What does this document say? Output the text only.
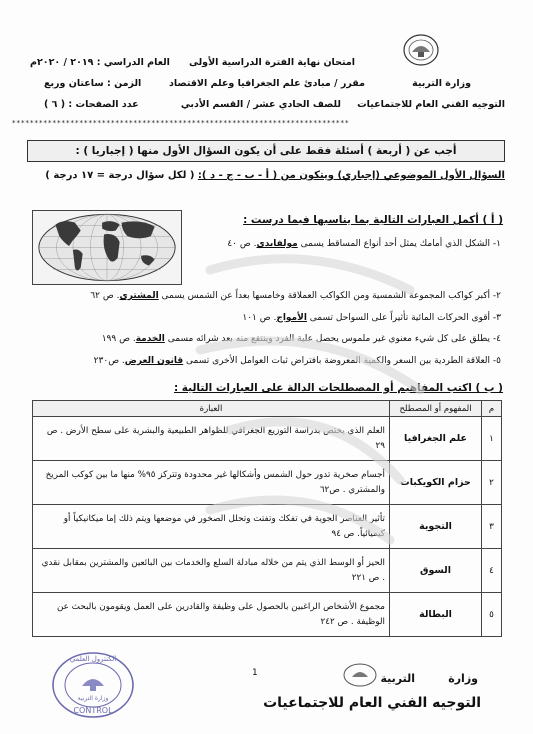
وزارة التربية
التوجيه الفني العام للاجتماعيات
امتحان نهاية الفترة الدراسية الأولى
مقرر / مبادئ علم الجغرافيا وعلم الاقتصاد
للصف الحادي عشر / القسم الأدبي
العام الدراسي : ٢٠١٩ / ٢٠٢٠م
الزمن : ساعتان وربع
عدد الصفحات : ( ٦ )
***************************************************************************
أجب عن ( أربعة ) أسئلة فقط على أن يكون السؤال الأول منها ( إجباريا ) :
السؤال الأول الموضوعي (إجباري) ويتكون من ( أ - ب - ج - د ): ( لكل سؤال درجة = ١٧ درجة )
( أ ) أكمل العبارات التالية بما يناسبها فيما درست :
١- الشكل الذي أمامك يمثل أحد أنواع المساقط يسمى مولفايدي. ص ٤٠
٢- أكبر كواكب المجموعة الشمسية ومن الكواكب العملاقة وخامسها بعداً عن الشمس يسمى المشتري. ص ٦٢
٣- أقوى الحركات المائية تأثيراً على السواحل تسمى الأمواج. ص ١٠١
٤- يطلق على كل شيء معنوي غير ملموس يحصل علية الفرد وينتفع منه بعد شرائه مسمى الخدمة. ص ١٩٩
٥- العلاقة الطردية بين السعر والكمية المعروضة بافتراض ثبات العوامل الأخرى تسمى قانون العرض. ص٢٣٠
( ب ) اكتب المفاهيم أو المصطلحات الدالة على العبارات التالية :
م	المفهوم أو المصطلح	العبارة
١	علم الجغرافيا	العلم الذي يختص بدراسة التوزيع الجغرافي للظواهر الطبيعية والبشرية على سطح الأرض . ص ٢٩
٢	حزام الكويكبات	أجسام صخرية تدور حول الشمس وأشكالها غير محدودة وتتركز ٩٥% منها ما بين كوكب المريخ والمشتري . ص٦٢
٣	التجوية	تأثير العناصر الجوية في تفكك وتفتت وتحلل الصخور في موضعها ويتم ذلك إما ميكانيكياً أو كيميائياً. ص ٩٤
٤	السوق	الحيز أو الوسط الذي يتم من خلاله مبادلة السلع والخدمات بين البائعين والمشترين بمقابل نقدي . ص ٢٢١
٥	البطالة	مجموع الأشخاص الراغبين بالحصول على وظيفة والقادرين على العمل ويقومون بالبحث عن الوظيفة . ص ٢٤٢
1
الكنترول العلمي
وزارة التربية
CONTROL
وزارة
التربية
التوجيه الفني العام للاجتماعيات
